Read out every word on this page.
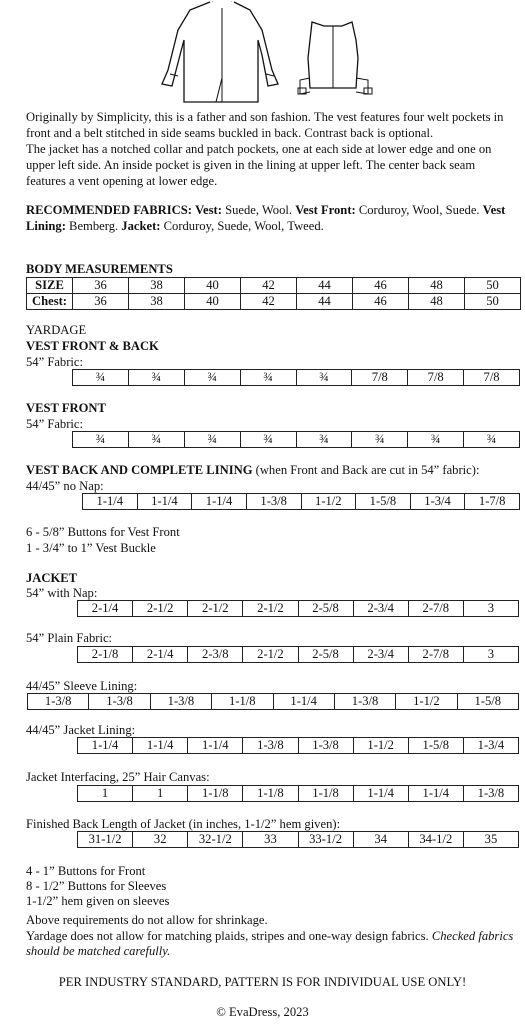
Originally by Simplicity, this is a father and son fashion. The vest features four welt pockets in front and a belt stitched in side seams buckled in back. Contrast back is optional.
The jacket has a notched collar and patch pockets, one at each side at lower edge and one on upper left side. An inside pocket is given in the lining at upper left. The center back seam features a vent opening at lower edge.
RECOMMENDED FABRICS: Vest: Suede, Wool. Vest Front: Corduroy, Wool, Suede. Vest Lining: Bemberg. Jacket: Corduroy, Suede, Wool, Tweed.
BODY MEASUREMENTS
SIZE	36	38	40	42	44	46	48	50
Chest:	36	38	40	42	44	46	48	50
YARDAGE
VEST FRONT & BACK
54” Fabric:
¾	¾	¾	¾	¾	7/8	7/8	7/8
VEST FRONT
54” Fabric:
¾	¾	¾	¾	¾	¾	¾	¾
VEST BACK AND COMPLETE LINING (when Front and Back are cut in 54” fabric):
44/45” no Nap:
1-1/4	1-1/4	1-1/4	1-3/8	1-1/2	1-5/8	1-3/4	1-7/8
6 - 5/8” Buttons for Vest Front
1 - 3/4” to 1” Vest Buckle
JACKET
54” with Nap:
2-1/4	2-1/2	2-1/2	2-1/2	2-5/8	2-3/4	2-7/8	3
54” Plain Fabric:
2-1/8	2-1/4	2-3/8	2-1/2	2-5/8	2-3/4	2-7/8	3
44/45” Sleeve Lining:
1-3/8	1-3/8	1-3/8	1-1/8	1-1/4	1-3/8	1-1/2	1-5/8
44/45” Jacket Lining:
1-1/4	1-1/4	1-1/4	1-3/8	1-3/8	1-1/2	1-5/8	1-3/4
Jacket Interfacing, 25” Hair Canvas:
1	1	1-1/8	1-1/8	1-1/8	1-1/4	1-1/4	1-3/8
Finished Back Length of Jacket (in inches, 1-1/2” hem given):
31-1/2	32	32-1/2	33	33-1/2	34	34-1/2	35
4 - 1” Buttons for Front
8 - 1/2” Buttons for Sleeves
1-1/2” hem given on sleeves
Above requirements do not allow for shrinkage.
Yardage does not allow for matching plaids, stripes and one-way design fabrics. Checked fabrics should be matched carefully.
PER INDUSTRY STANDARD, PATTERN IS FOR INDIVIDUAL USE ONLY!
© EvaDress, 2023
